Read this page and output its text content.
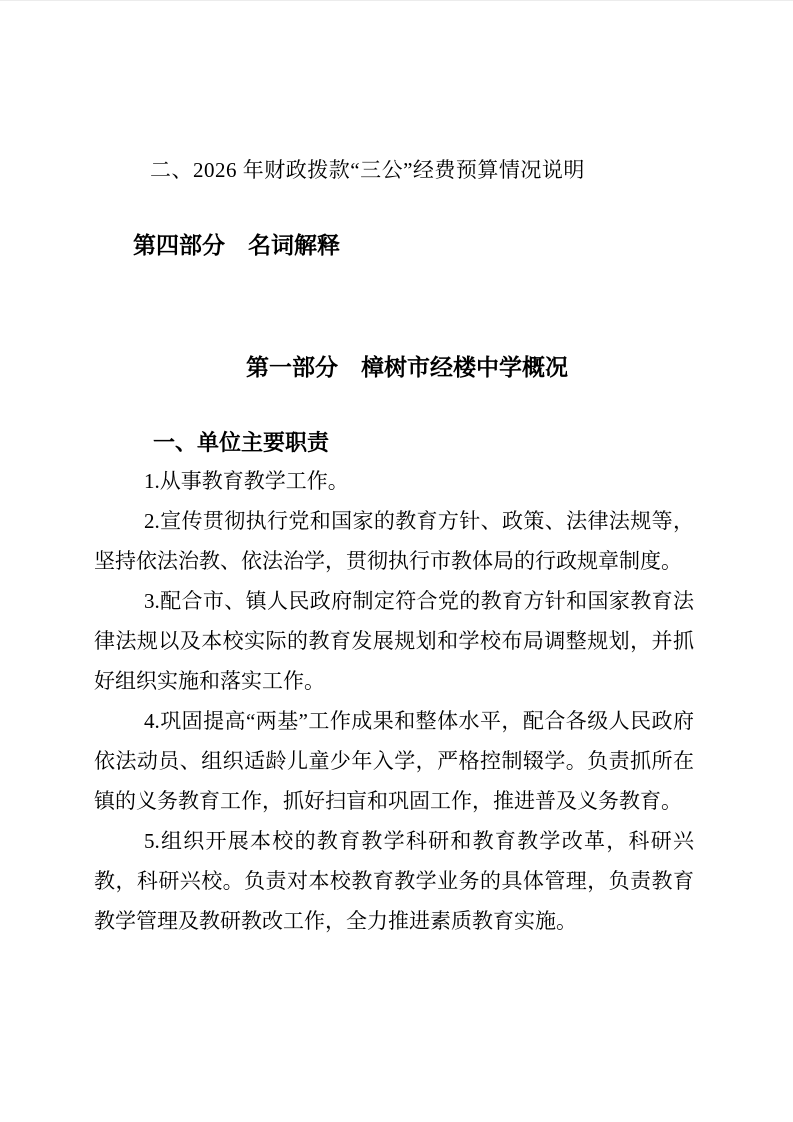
二、2026 年财政拨款“三公”经费预算情况说明
第四部分　名词解释
第一部分　樟树市经楼中学概况
一、单位主要职责

1.从事教育教学工作。

2.宣传贯彻执行党和国家的教育方针、政策、法律法规等，坚持依法治教、依法治学，贯彻执行市教体局的行政规章制度。

3.配合市、镇人民政府制定符合党的教育方针和国家教育法律法规以及本校实际的教育发展规划和学校布局调整规划，并抓好组织实施和落实工作。

4.巩固提高“两基”工作成果和整体水平，配合各级人民政府依法动员、组织适龄儿童少年入学，严格控制辍学。负责抓所在镇的义务教育工作，抓好扫盲和巩固工作，推进普及义务教育。

5.组织开展本校的教育教学科研和教育教学改革，科研兴教，科研兴校。负责对本校教育教学业务的具体管理，负责教育教学管理及教研教改工作，全力推进素质教育实施。
